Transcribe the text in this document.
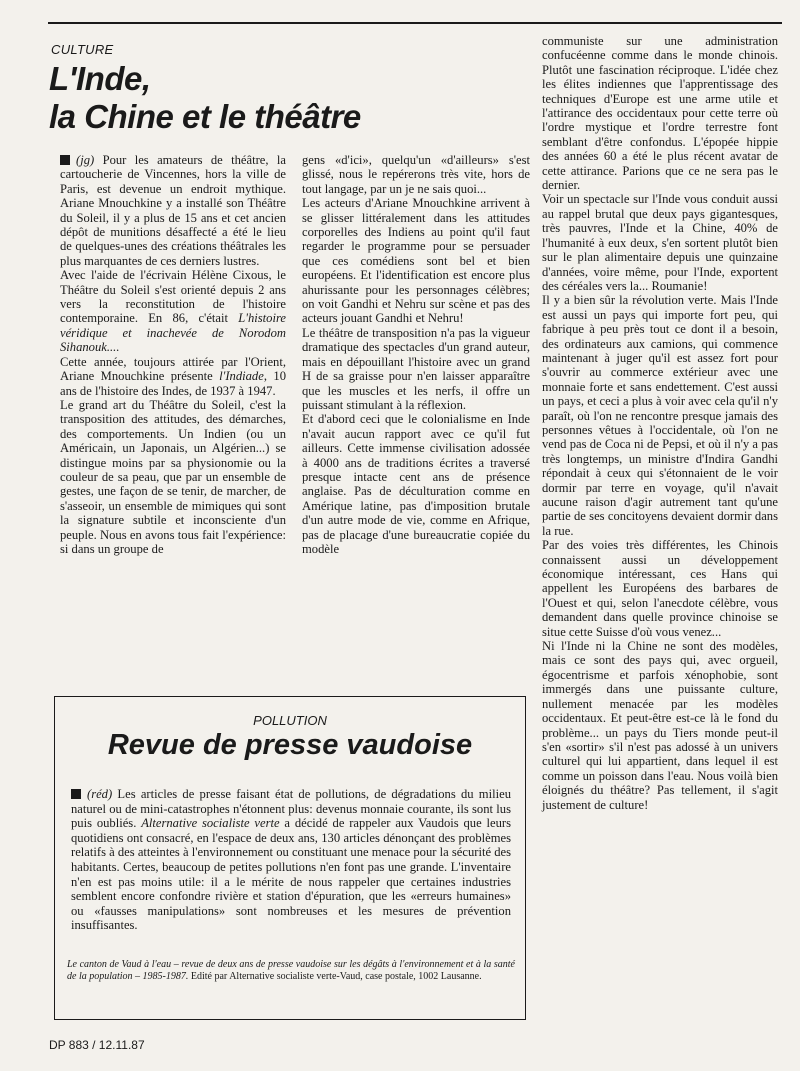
CULTURE
L'Inde,
la Chine et le théâtre

(jg) Pour les amateurs de théâtre, la cartoucherie de Vincennes, hors la ville de Paris, est devenue un endroit mythique. Ariane Mnouchkine y a installé son Théâtre du Soleil, il y a plus de 15 ans et cet ancien dépôt de munitions désaffecté a été le lieu de quelques-unes des créations théâtrales les plus marquantes de ces derniers lustres.

Avec l'aide de l'écrivain Hélène Cixous, le Théâtre du Soleil s'est orienté depuis 2 ans vers la reconstitution de l'histoire contemporaine. En 86, c'était L'histoire véridique et inachevée de Norodom Sihanouk....

Cette année, toujours attirée par l'Orient, Ariane Mnouchkine présente l'Indiade, 10 ans de l'histoire des Indes, de 1937 à 1947.

Le grand art du Théâtre du Soleil, c'est la transposition des attitudes, des démarches, des comportements. Un Indien (ou un Américain, un Japonais, un Algérien...) se distingue moins par sa physionomie ou la couleur de sa peau, que par un ensemble de gestes, une façon de se tenir, de marcher, de s'asseoir, un ensemble de mimiques qui sont la signature subtile et inconsciente d'un peuple. Nous en avons tous fait l'expérience: si dans un groupe de

gens «d'ici», quelqu'un «d'ailleurs» s'est glissé, nous le repérerons très vite, hors de tout langage, par un je ne sais quoi...

Les acteurs d'Ariane Mnouchkine arrivent à se glisser littéralement dans les attitudes corporelles des Indiens au point qu'il faut regarder le programme pour se persuader que ces comédiens sont bel et bien européens. Et l'identification est encore plus ahurissante pour les personnages célèbres; on voit Gandhi et Nehru sur scène et pas des acteurs jouant Gandhi et Nehru!

Le théâtre de transposition n'a pas la vigueur dramatique des spectacles d'un grand auteur, mais en dépouillant l'histoire avec un grand H de sa graisse pour n'en laisser apparaître que les muscles et les nerfs, il offre un puissant stimulant à la réflexion.

Et d'abord ceci que le colonialisme en Inde n'avait aucun rapport avec ce qu'il fut ailleurs. Cette immense civilisation adossée à 4000 ans de traditions écrites a traversé presque intacte cent ans de présence anglaise. Pas de déculturation comme en Amérique latine, pas d'imposition brutale d'un autre mode de vie, comme en Afrique, pas de placage d'une bureaucratie copiée du modèle

communiste sur une administration confucéenne comme dans le monde chinois. Plutôt une fascination réciproque. L'idée chez les élites indiennes que l'apprentissage des techniques d'Europe est une arme utile et l'attirance des occidentaux pour cette terre où l'ordre mystique et l'ordre terrestre font semblant d'être confondus. L'épopée hippie des années 60 a été le plus récent avatar de cette attirance. Parions que ce ne sera pas le dernier.

Voir un spectacle sur l'Inde vous conduit aussi au rappel brutal que deux pays gigantesques, très pauvres, l'Inde et la Chine, 40% de l'humanité à eux deux, s'en sortent plutôt bien sur le plan alimentaire depuis une quinzaine d'années, voire même, pour l'Inde, exportent des céréales vers la... Roumanie!

Il y a bien sûr la révolution verte. Mais l'Inde est aussi un pays qui importe fort peu, qui fabrique à peu près tout ce dont il a besoin, des ordinateurs aux camions, qui commence maintenant à juger qu'il est assez fort pour s'ouvrir au commerce extérieur avec une monnaie forte et sans endettement. C'est aussi un pays, et ceci a plus à voir avec cela qu'il n'y paraît, où l'on ne rencontre presque jamais des personnes vêtues à l'occidentale, où l'on ne vend pas de Coca ni de Pepsi, et où il n'y a pas très longtemps, un ministre d'Indira Gandhi répondait à ceux qui s'étonnaient de le voir dormir par terre en voyage, qu'il n'avait aucune raison d'agir autrement tant qu'une partie de ses concitoyens devaient dormir dans la rue.

Par des voies très différentes, les Chinois connaissent aussi un développement économique intéressant, ces Hans qui appellent les Européens des barbares de l'Ouest et qui, selon l'anecdote célèbre, vous demandent dans quelle province chinoise se situe cette Suisse d'où vous venez...

Ni l'Inde ni la Chine ne sont des modèles, mais ce sont des pays qui, avec orgueil, égocentrisme et parfois xénophobie, sont immergés dans une puissante culture, nullement menacée par les modèles occidentaux. Et peut-être est-ce là le fond du problème... un pays du Tiers monde peut-il s'en «sortir» s'il n'est pas adossé à un univers culturel qui lui appartient, dans lequel il est comme un poisson dans l'eau. Nous voilà bien éloignés du théâtre? Pas tellement, il s'agit justement de culture!

POLLUTION
Revue de presse vaudoise
(réd) Les articles de presse faisant état de pollutions, de dégradations du milieu naturel ou de mini-catastrophes n'étonnent plus: devenus monnaie courante, ils sont lus puis oubliés. Alternative socialiste verte a décidé de rappeler aux Vaudois que leurs quotidiens ont consacré, en l'espace de deux ans, 130 articles dénonçant des problèmes relatifs à des atteintes à l'environnement ou constituant une menace pour la sécurité des habitants. Certes, beaucoup de petites pollutions n'en font pas une grande. L'inventaire n'en est pas moins utile: il a le mérite de nous rappeler que certaines industries semblent encore confondre rivière et station d'épuration, que les «erreurs humaines» ou «fausses manipulations» sont nombreuses et les mesures de prévention insuffisantes.
Le canton de Vaud à l'eau – revue de deux ans de presse vaudoise sur les dégâts à l'environnement et à la santé de la population – 1985-1987. Edité par Alternative socialiste verte-Vaud, case postale, 1002 Lausanne.
DP 883 / 12.11.87
